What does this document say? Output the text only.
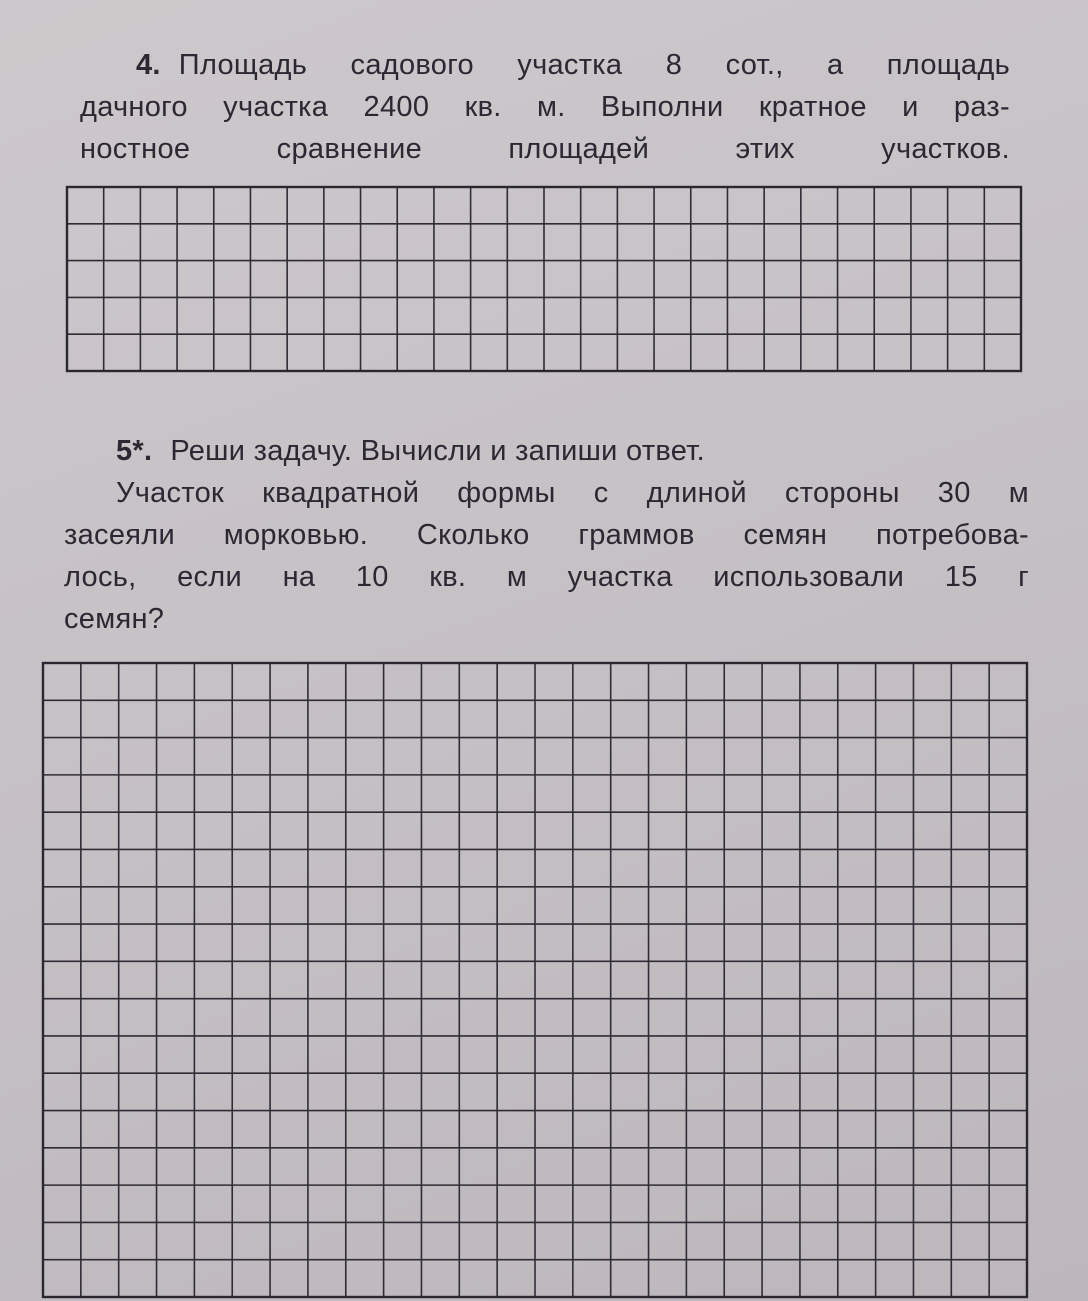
4. Площадь садового участка 8 сот., а площадь
дачного участка 2400 кв. м. Выполни кратное и раз-
ностное	сравнение	площадей	этих	участков.
5*. Реши задачу. Вычисли и запиши ответ.
Участок квадратной формы с длиной стороны 30 м
засеяли морковью. Сколько граммов семян потребова-
лось, если на 10 кв. м участка использовали 15 г
семян?
